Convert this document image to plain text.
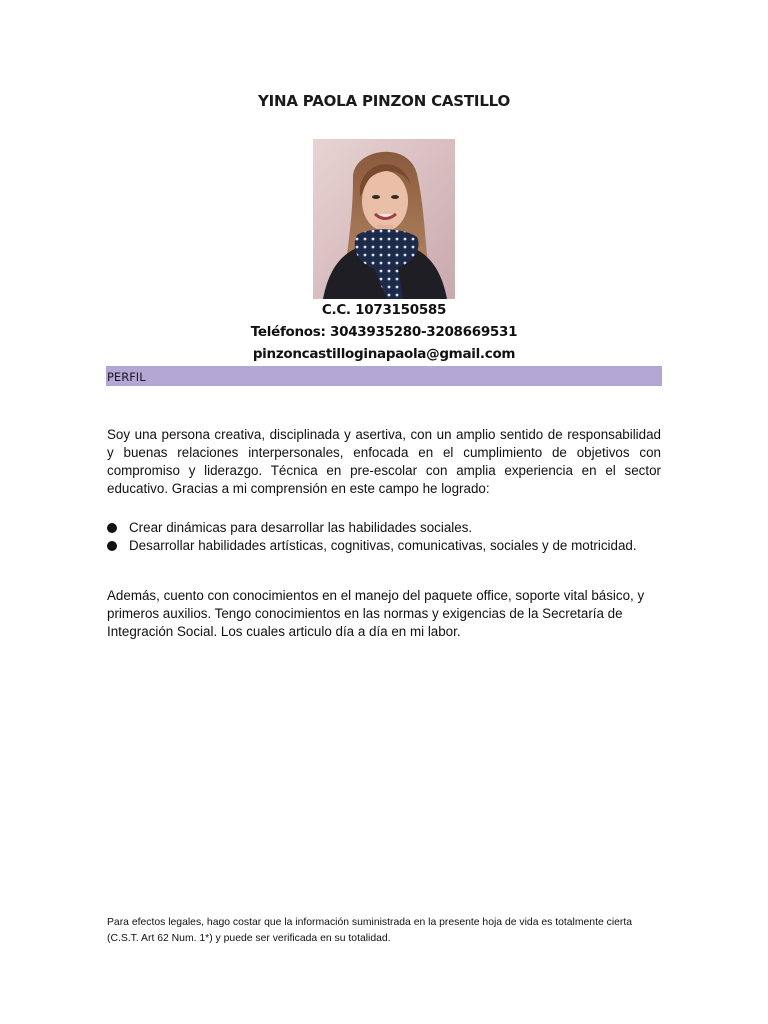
YINA PAOLA PINZON CASTILLO
C.C. 1073150585
Teléfonos: 3043935280-3208669531
pinzoncastillоginapaola@gmail.com
PERFIL

Soy una persona creativa, disciplinada y asertiva, con un amplio sentido de responsabilidad y buenas relaciones interpersonales, enfocada en el cumplimiento de objetivos con compromiso y liderazgo. Técnica en pre-escolar con amplia experiencia en el sector educativo. Gracias a mi comprensión en este campo he logrado:

Crear dinámicas para desarrollar las habilidades sociales.
Desarrollar habilidades artísticas, cognitivas, comunicativas, sociales y de motricidad.

Además, cuento con conocimientos en el manejo del paquete office, soporte vital básico, y primeros auxilios. Tengo conocimientos en las normas y exigencias de la Secretaría de Integración Social. Los cuales articulo día a día en mi labor.

Para efectos legales, hago costar que la información suministrada en la presente hoja de vida es totalmente cierta (C.S.T. Art 62 Num. 1*) y puede ser verificada en su totalidad.
